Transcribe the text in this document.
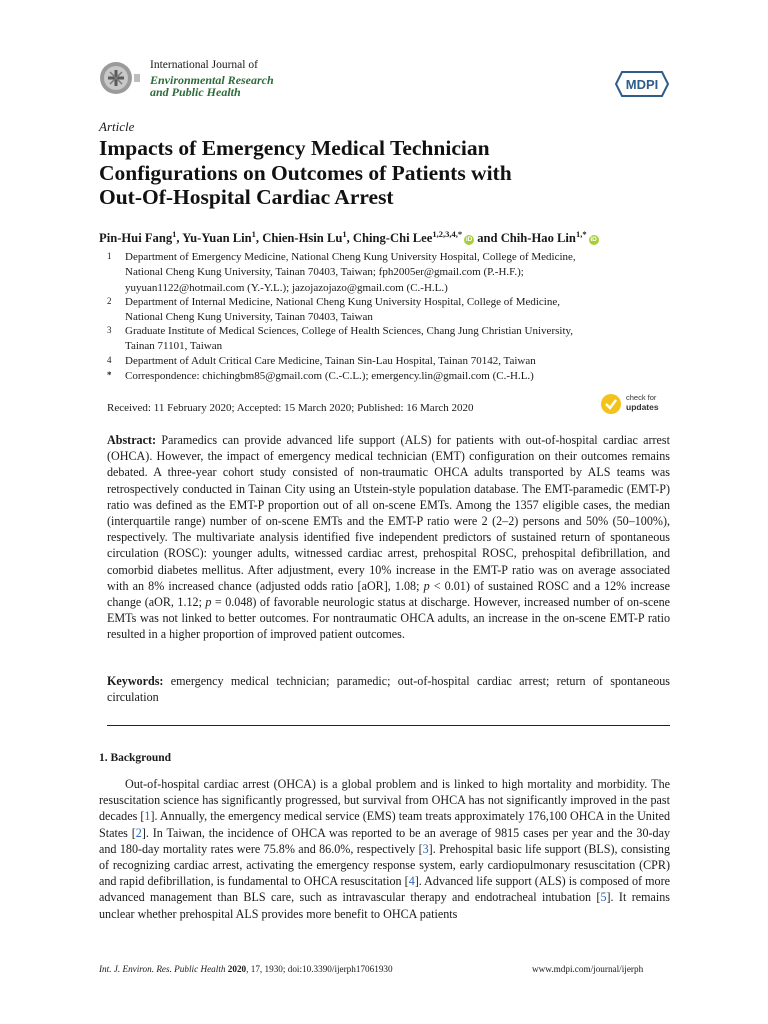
International Journal of
Environmental Research
and Public Health	MDPI
Article
Impacts of Emergency Medical Technician
Configurations on Outcomes of Patients with
Out-Of-Hospital Cardiac Arrest
Pin-Hui Fang$^1$, Yu-Yuan Lin$^1$, Chien-Hsin Lu$^1$, Ching-Chi Lee$^{1,2,3,4,*}$iD and Chih-Hao Lin$^{1,*}$iD
1 Department of Emergency Medicine, National Cheng Kung University Hospital, College of Medicine,
National Cheng Kung University, Tainan 70403, Taiwan; fph2005er@gmail.com (P.-H.F.);
yuyuan1122@hotmail.com (Y.-Y.L.); jazojazojazo@gmail.com (C.-H.L.)
2 Department of Internal Medicine, National Cheng Kung University Hospital, College of Medicine,
National Cheng Kung University, Tainan 70403, Taiwan
3 Graduate Institute of Medical Sciences, College of Health Sciences, Chang Jung Christian University,
Tainan 71101, Taiwan
4 Department of Adult Critical Care Medicine, Tainan Sin-Lau Hospital, Tainan 70142, Taiwan
* Correspondence: chichingbm85@gmail.com (C.-C.L.); emergency.lin@gmail.com (C.-H.L.)
Received: 11 February 2020; Accepted: 15 March 2020; Published: 16 March 2020
check for
updates
Abstract: Paramedics can provide advanced life support (ALS) for patients with out-of-hospital cardiac arrest (OHCA). However, the impact of emergency medical technician (EMT) configuration on their outcomes remains debated. A three-year cohort study consisted of non-traumatic OHCA adults transported by ALS teams was retrospectively conducted in Tainan City using an Utstein-style population database. The EMT-paramedic (EMT-P) ratio was defined as the EMT-P proportion out of all on-scene EMTs. Among the 1357 eligible cases, the median (interquartile range) number of on-scene EMTs and the EMT-P ratio were 2 (2–2) persons and 50% (50–100%), respectively. The multivariate analysis identified five independent predictors of sustained return of spontaneous circulation (ROSC): younger adults, witnessed cardiac arrest, prehospital ROSC, prehospital defibrillation, and comorbid diabetes mellitus. After adjustment, every 10% increase in the EMT-P ratio was on average associated with an 8% increased chance (adjusted odds ratio [aOR], 1.08; p < 0.01) of sustained ROSC and a 12% increase change (aOR, 1.12; p = 0.048) of favorable neurologic status at discharge. However, increased number of on-scene EMTs was not linked to better outcomes. For nontraumatic OHCA adults, an increase in the on-scene EMT-P ratio resulted in a higher proportion of improved patient outcomes.
Keywords: emergency medical technician; paramedic; out-of-hospital cardiac arrest; return of spontaneous circulation
1. Background
Out-of-hospital cardiac arrest (OHCA) is a global problem and is linked to high mortality and morbidity. The resuscitation science has significantly progressed, but survival from OHCA has not significantly improved in the past decades [1]. Annually, the emergency medical service (EMS) team treats approximately 176,100 OHCA in the United States [2]. In Taiwan, the incidence of OHCA was reported to be an average of 9815 cases per year and the 30-day and 180-day mortality rates were 75.8% and 86.0%, respectively [3]. Prehospital basic life support (BLS), consisting of recognizing cardiac arrest, activating the emergency response system, early cardiopulmonary resuscitation (CPR) and rapid defibrillation, is fundamental to OHCA resuscitation [4]. Advanced life support (ALS) is composed of more advanced management than BLS care, such as intravascular therapy and endotracheal intubation [5]. It remains unclear whether prehospital ALS provides more benefit to OHCA patients
Int. J. Environ. Res. Public Health 2020, 17, 1930; doi:10.3390/ijerph17061930	www.mdpi.com/journal/ijerph
